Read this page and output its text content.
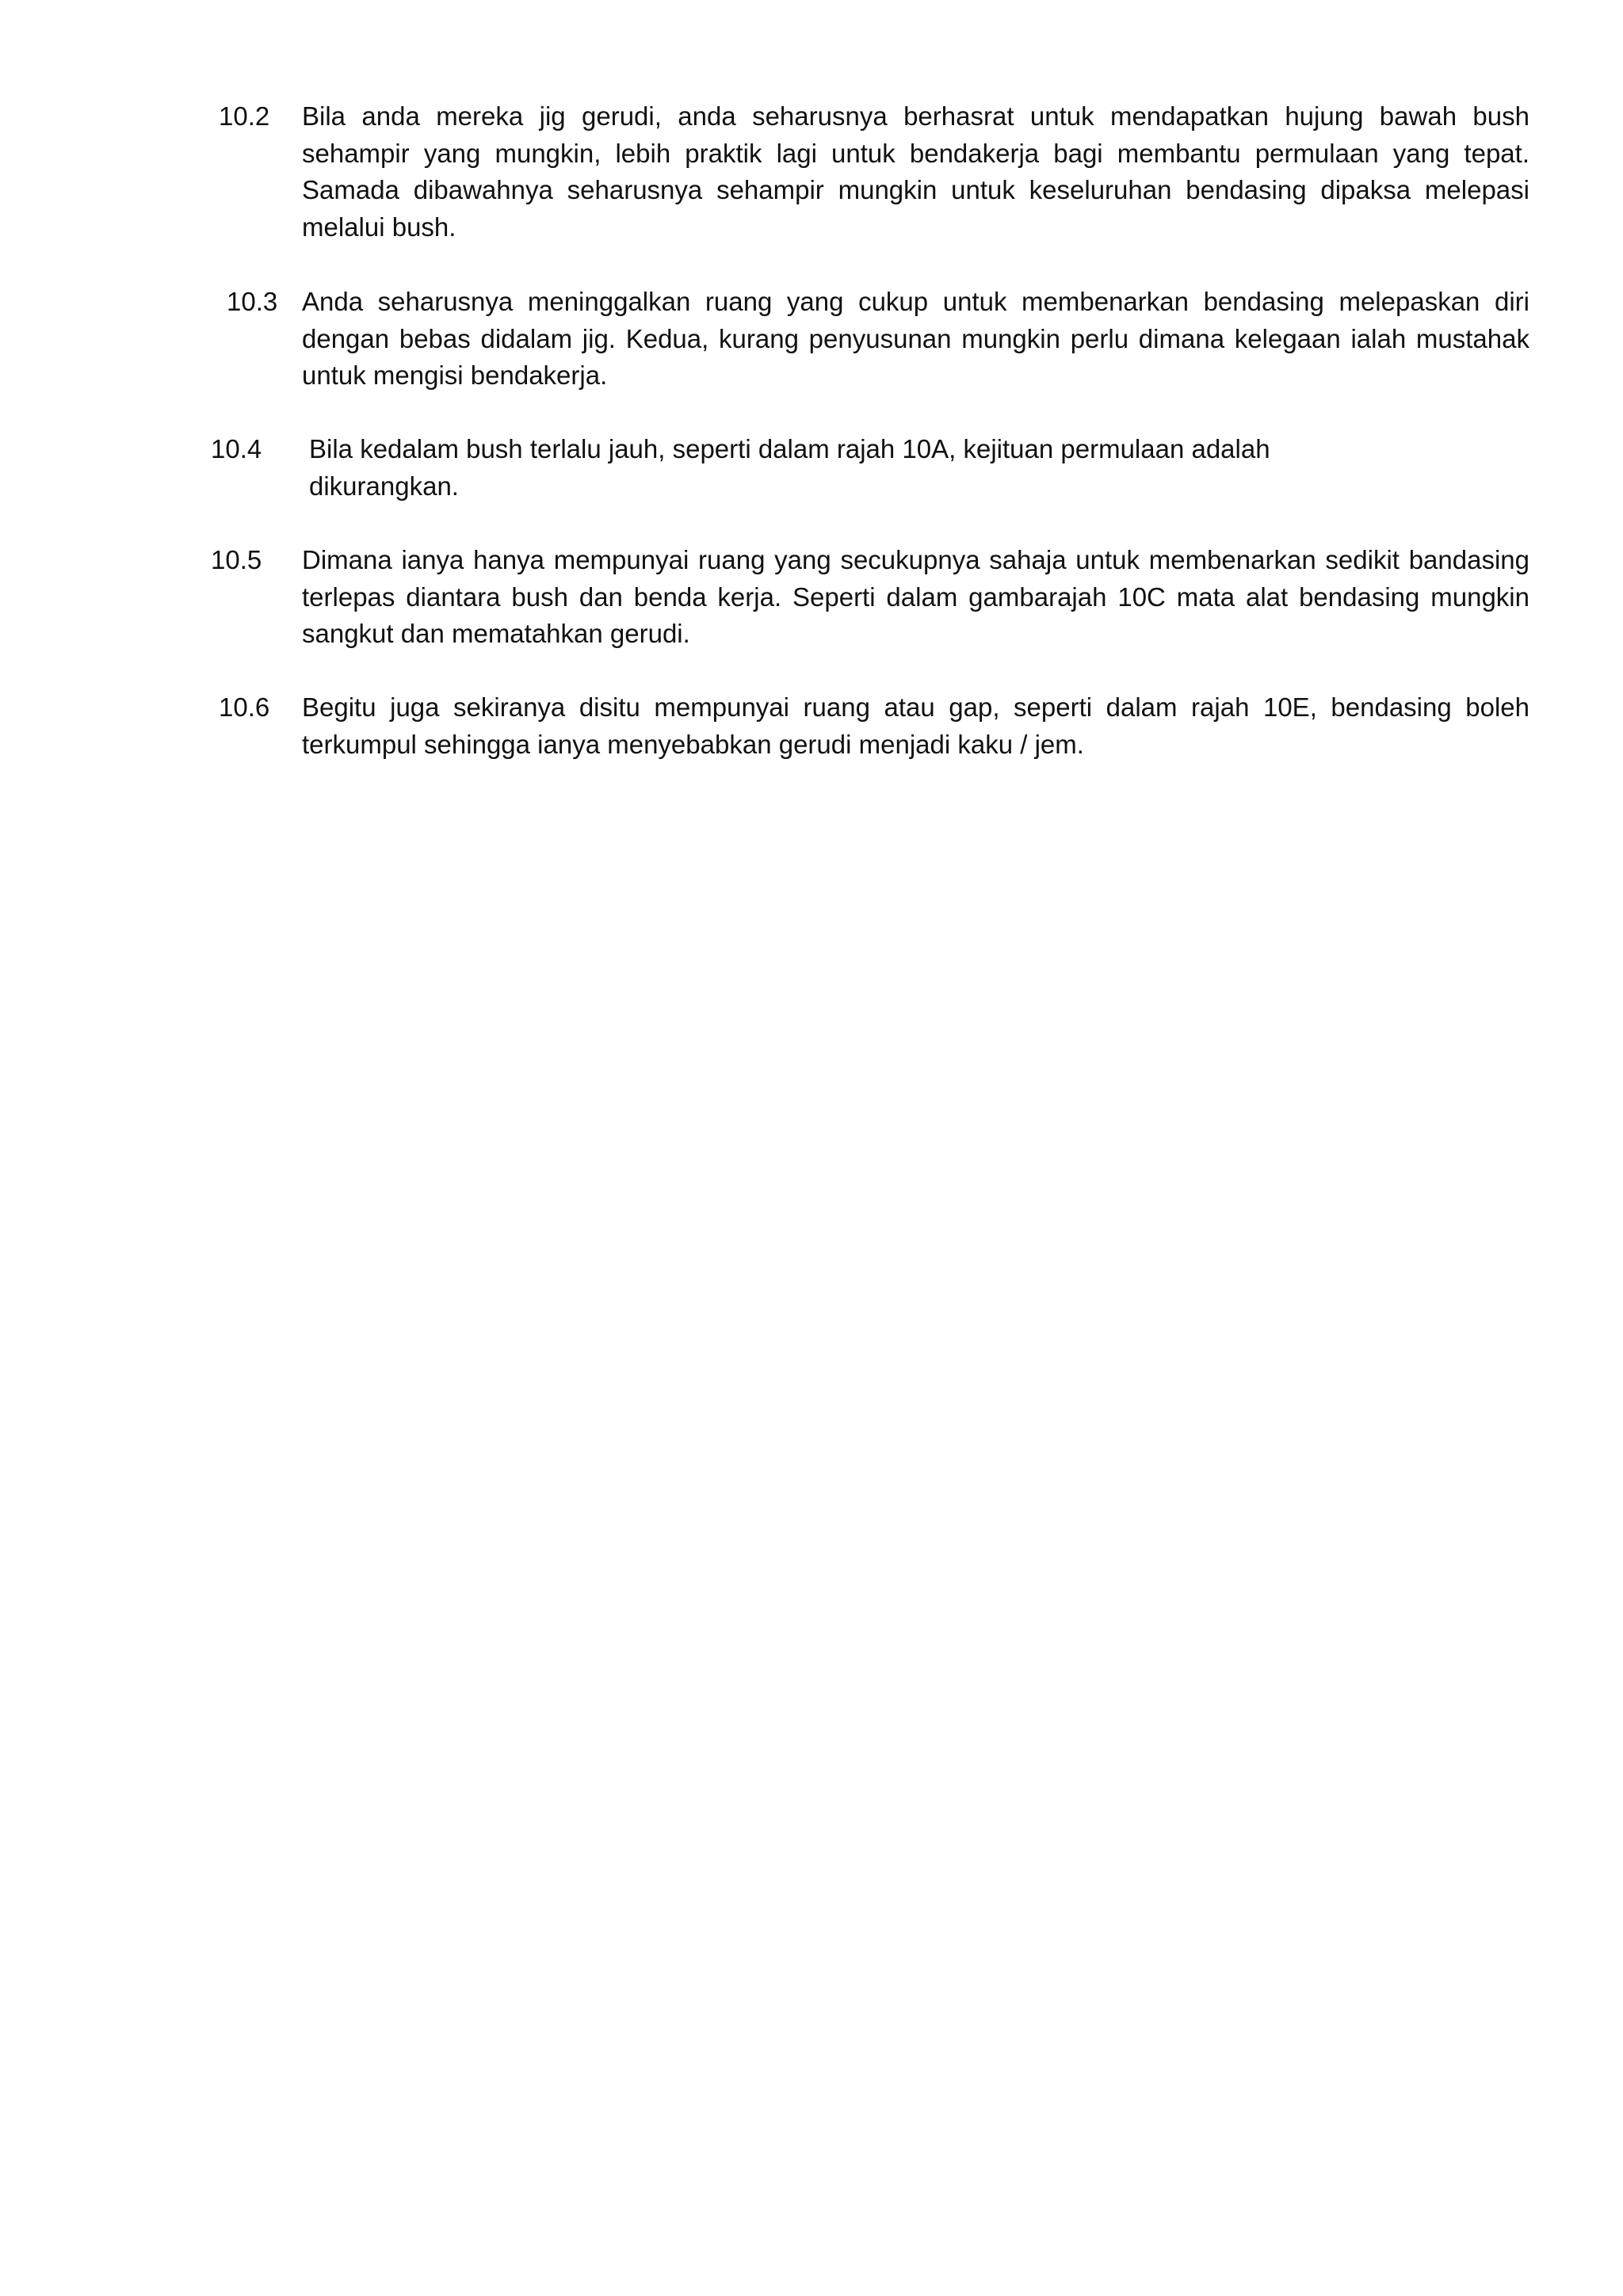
10.2 Bila anda mereka jig gerudi, anda seharusnya berhasrat untuk mendapatkan hujung bawah bush sehampir yang mungkin, lebih praktik lagi untuk bendakerja bagi membantu permulaan yang tepat. Samada dibawahnya seharusnya sehampir mungkin untuk keseluruhan bendasing dipaksa melepasi melalui bush.
10.3 Anda seharusnya meninggalkan ruang yang cukup untuk membenarkan bendasing melepaskan diri dengan bebas didalam jig. Kedua, kurang penyusunan mungkin perlu dimana kelegaan ialah mustahak untuk mengisi bendakerja.
10.4 Bila kedalam bush terlalu jauh, seperti dalam rajah 10A, kejituan permulaan adalah dikurangkan.
10.5 Dimana ianya hanya mempunyai ruang yang secukupnya sahaja untuk membenarkan sedikit bandasing terlepas diantara bush dan benda kerja. Seperti dalam gambarajah 10C mata alat bendasing mungkin sangkut dan mematahkan gerudi.
10.6 Begitu juga sekiranya disitu mempunyai ruang atau gap, seperti dalam rajah 10E, bendasing boleh terkumpul sehingga ianya menyebabkan gerudi menjadi kaku / jem.
